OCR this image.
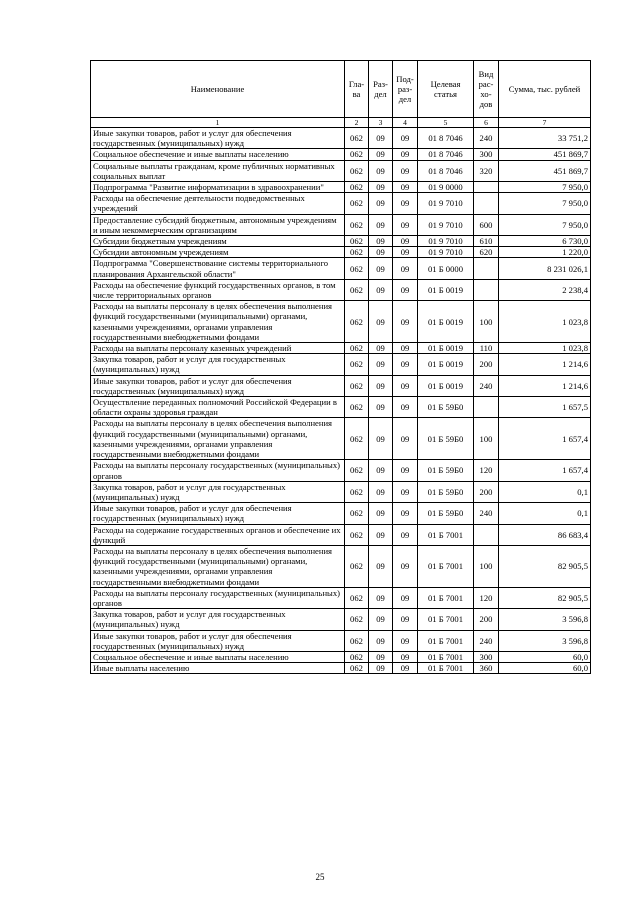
Наименование	Гла-ва	Раз-дел	Под-раз-дел	Целевая статья	Вид рас-хо-дов	Сумма, тыс. рублей
1	2	3	4	5	6	7
Иные закупки товаров, работ и услуг для обеспечения государственных (муниципальных) нужд	062	09	09	01 8 7046	240	33 751,2
Социальное обеспечение и иные выплаты населению	062	09	09	01 8 7046	300	451 869,7
Социальные выплаты гражданам, кроме публичных нормативных социальных выплат	062	09	09	01 8 7046	320	451 869,7
Подпрограмма "Развитие информатизации в здравоохранении"	062	09	09	01 9 0000		7 950,0
Расходы на обеспечение деятельности подведомственных учреждений	062	09	09	01 9 7010		7 950,0
Предоставление субсидий бюджетным, автономным учреждениям и иным некоммерческим организациям	062	09	09	01 9 7010	600	7 950,0
Субсидии бюджетным учреждениям	062	09	09	01 9 7010	610	6 730,0
Субсидии автономным учреждениям	062	09	09	01 9 7010	620	1 220,0
Подпрограмма "Совершенствование системы территориального планирования Архангельской области"	062	09	09	01 Б 0000		8 231 026,1
Расходы на обеспечение функций государственных органов, в том числе территориальных органов	062	09	09	01 Б 0019		2 238,4
Расходы на выплаты персоналу в целях обеспечения выполнения функций государственными (муниципальными) органами, казенными учреждениями, органами управления государственными внебюджетными фондами	062	09	09	01 Б 0019	100	1 023,8
Расходы на выплаты персоналу казенных учреждений	062	09	09	01 Б 0019	110	1 023,8
Закупка товаров, работ и услуг для государственных (муниципальных) нужд	062	09	09	01 Б 0019	200	1 214,6
Иные закупки товаров, работ и услуг для обеспечения государственных (муниципальных) нужд	062	09	09	01 Б 0019	240	1 214,6
Осуществление переданных полномочий Российской Федерации в области охраны здоровья граждан	062	09	09	01 Б 59Б0		1 657,5
Расходы на выплаты персоналу в целях обеспечения выполнения функций государственными (муниципальными) органами, казенными учреждениями, органами управления государственными внебюджетными фондами	062	09	09	01 Б 59Б0	100	1 657,4
Расходы на выплаты персоналу государственных (муниципальных) органов	062	09	09	01 Б 59Б0	120	1 657,4
Закупка товаров, работ и услуг для государственных (муниципальных) нужд	062	09	09	01 Б 59Б0	200	0,1
Иные закупки товаров, работ и услуг для обеспечения государственных (муниципальных) нужд	062	09	09	01 Б 59Б0	240	0,1
Расходы на содержание государственных органов и обеспечение их функций	062	09	09	01 Б 7001		86 683,4
Расходы на выплаты персоналу в целях обеспечения выполнения функций государственными (муниципальными) органами, казенными учреждениями, органами управления государственными внебюджетными фондами	062	09	09	01 Б 7001	100	82 905,5
Расходы на выплаты персоналу государственных (муниципальных) органов	062	09	09	01 Б 7001	120	82 905,5
Закупка товаров, работ и услуг для государственных (муниципальных) нужд	062	09	09	01 Б 7001	200	3 596,8
Иные закупки товаров, работ и услуг для обеспечения государственных (муниципальных) нужд	062	09	09	01 Б 7001	240	3 596,8
Социальное обеспечение и иные выплаты населению	062	09	09	01 Б 7001	300	60,0
Иные выплаты населению	062	09	09	01 Б 7001	360	60,0
25
